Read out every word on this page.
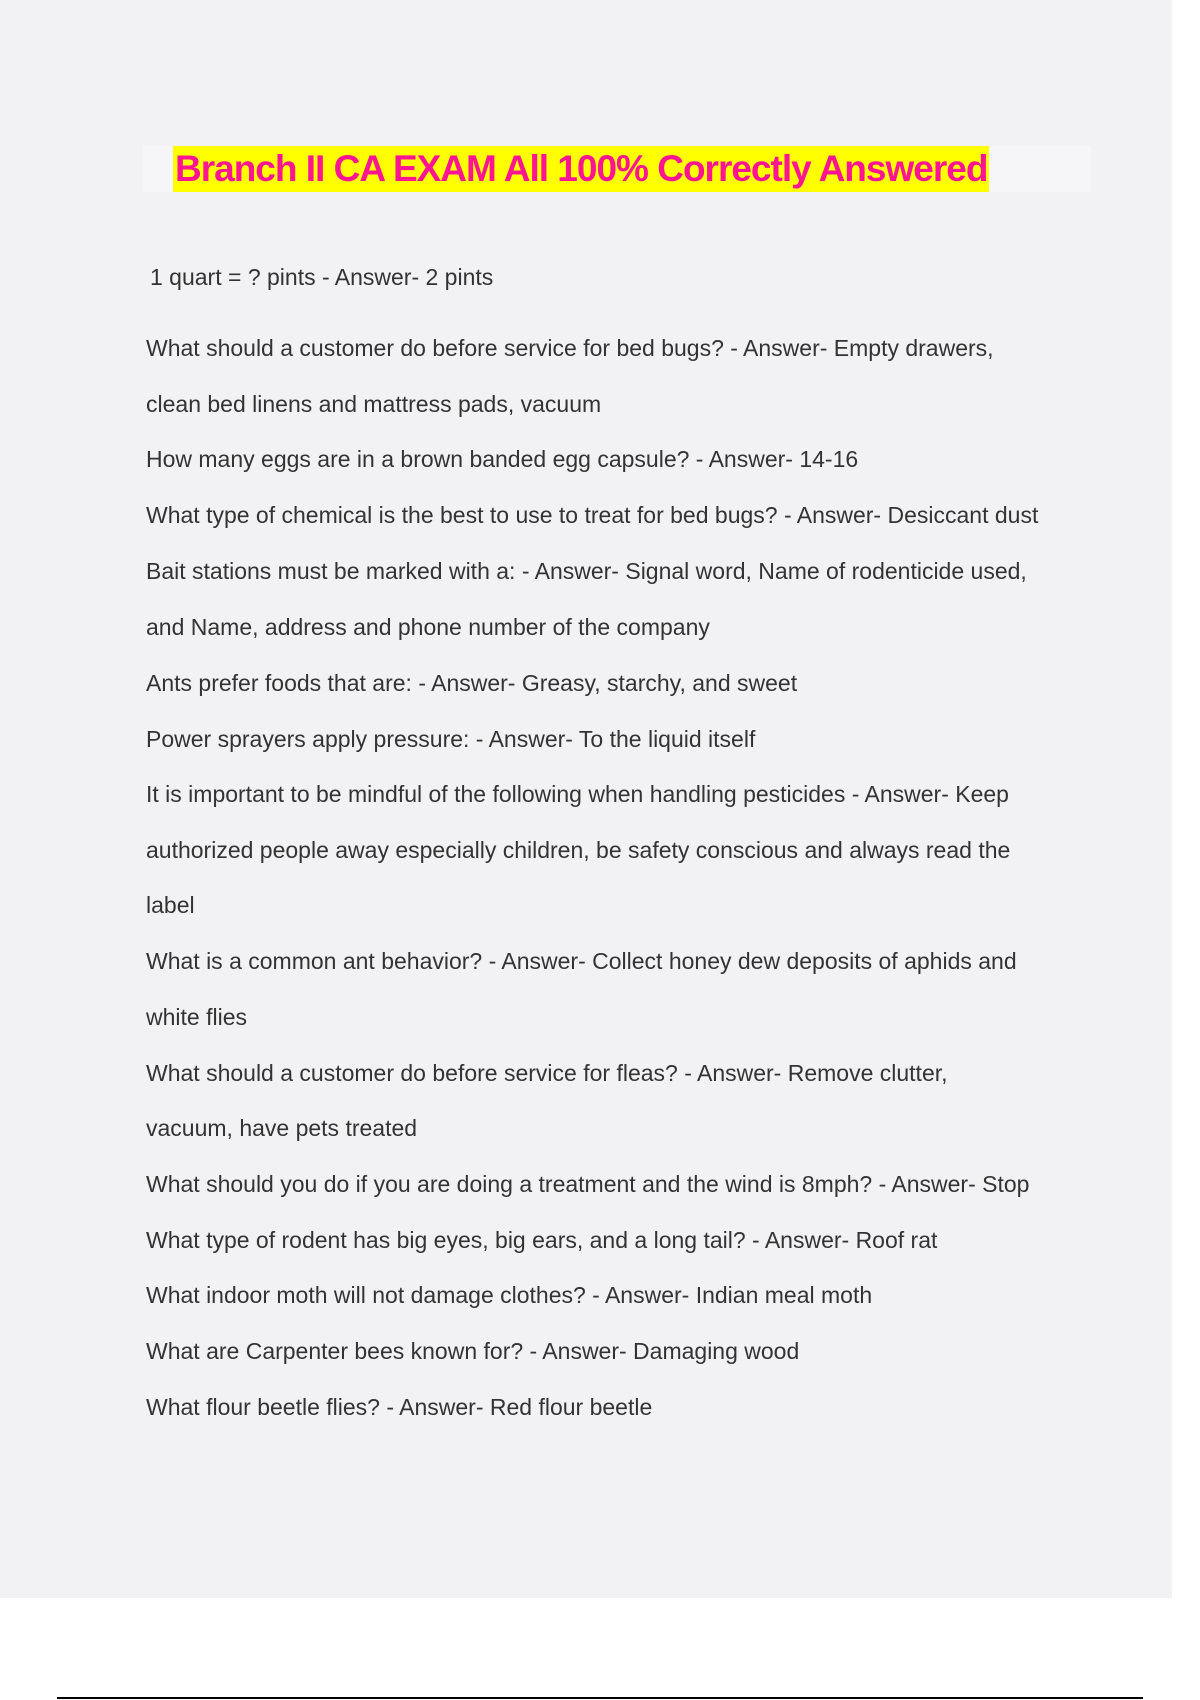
Branch II CA EXAM All 100% Correctly Answered
1 quart = ? pints - Answer- 2 pints
What should a customer do before service for bed bugs? - Answer- Empty drawers,
clean bed linens and mattress pads, vacuum
How many eggs are in a brown banded egg capsule? - Answer- 14-16
What type of chemical is the best to use to treat for bed bugs? - Answer- Desiccant dust
Bait stations must be marked with a: - Answer- Signal word, Name of rodenticide used,
and Name, address and phone number of the company
Ants prefer foods that are: - Answer- Greasy, starchy, and sweet
Power sprayers apply pressure: - Answer- To the liquid itself
It is important to be mindful of the following when handling pesticides - Answer- Keep
authorized people away especially children, be safety conscious and always read the
label
What is a common ant behavior? - Answer- Collect honey dew deposits of aphids and
white flies
What should a customer do before service for fleas? - Answer- Remove clutter,
vacuum, have pets treated
What should you do if you are doing a treatment and the wind is 8mph? - Answer- Stop
What type of rodent has big eyes, big ears, and a long tail? - Answer- Roof rat
What indoor moth will not damage clothes? - Answer- Indian meal moth
What are Carpenter bees known for? - Answer- Damaging wood
What flour beetle flies? - Answer- Red flour beetle
